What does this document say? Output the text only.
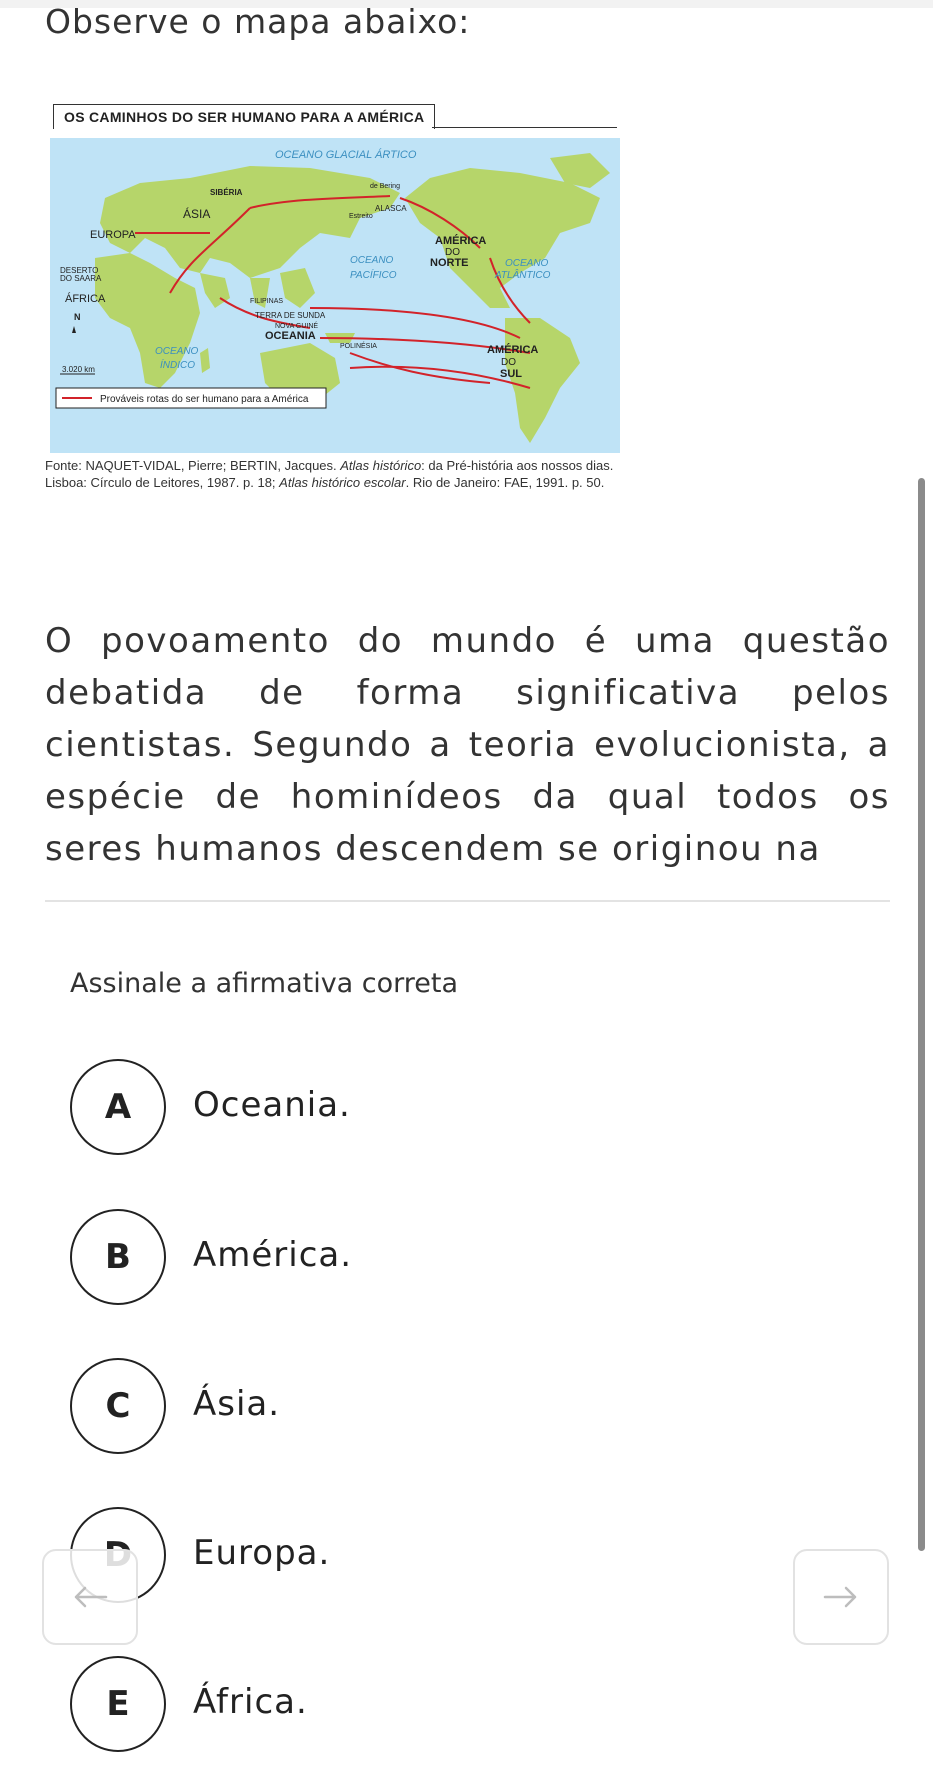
Observe o mapa abaixo:
OS CAMINHOS DO SER HUMANO PARA A AMÉRICA
OCEANO GLACIAL ÁRTICO
SIBÉRIA
ÁSIA
EUROPA
DESERTO
DO SAARA
ÁFRICA
Estreito
de Bering
ALASCA
AMÉRICA
DO
NORTE
OCEANO
PACÍFICO
OCEANO
ATLÂNTICO
FILIPINAS
TERRA DE SUNDA
NOVA GUINÉ
OCEANIA
POLINÉSIA
OCEANO
ÍNDICO
AMÉRICA
DO
SUL
N
3.020 km
Prováveis rotas do ser humano para a América
Fonte: NAQUET-VIDAL, Pierre; BERTIN, Jacques. Atlas histórico: da Pré-história aos nossos dias.
Lisboa: Círculo de Leitores, 1987. p. 18; Atlas histórico escolar. Rio de Janeiro: FAE, 1991. p. 50.
O povoamento do mundo é uma questão debatida de forma significativa pelos cientistas. Segundo a teoria evolucionista, a espécie de hominídeos da qual todos os seres humanos descendem se originou na
Assinale a afirmativa correta
A	Oceania.
B	América.
C	Ásia.
Europa.
E	África.
